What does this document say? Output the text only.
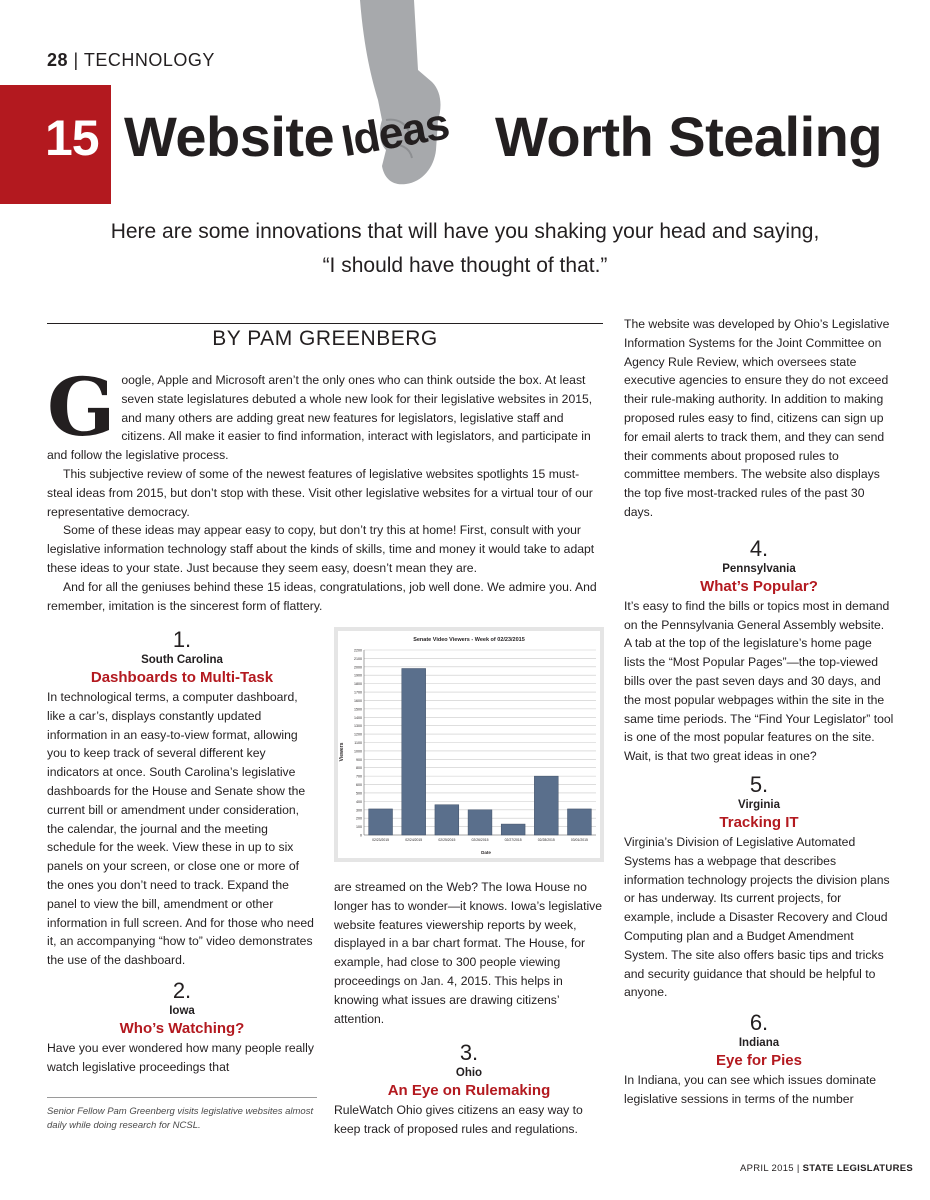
28 | TECHNOLOGY
15 Website Ideas Worth Stealing
Here are some innovations that will have you shaking your head and saying,
“I should have thought of that.”
BY PAM GREENBERG

Google, Apple and Microsoft aren’t the only ones who can think outside the box. At least seven state legislatures debuted a whole new look for their legislative websites in 2015, and many others are adding great new features for legislators, legislative staff and citizens. All make it easier to find information, interact with legislators, and participate in and follow the legislative process.

This subjective review of some of the newest features of legislative websites spotlights 15 must-steal ideas from 2015, but don’t stop with these. Visit other legislative websites for a virtual tour of our representative democracy.

Some of these ideas may appear easy to copy, but don’t try this at home! First, consult with your legislative information technology staff about the kinds of skills, time and money it would take to adapt these ideas to your state. Just because they seem easy, doesn’t mean they are.

And for all the geniuses behind these 15 ideas, congratulations, job well done. We admire you. And remember, imitation is the sincerest form of flattery.

1.
South Carolina
Dashboards to Multi-Task

In technological terms, a computer dashboard, like a car’s, displays constantly updated information in an easy-to-view format, allowing you to keep track of several different key indicators at once. South Carolina’s legislative dashboards for the House and Senate show the current bill or amendment under consideration, the calendar, the journal and the meeting schedule for the week. View these in up to six panels on your screen, or close one or more of the ones you don’t need to track. Expand the panel to view the bill, amendment or other information in full screen. And for those who need it, an accompanying “how to” video demonstrates the use of the dashboard.

2.
Iowa
Who’s Watching?

Have you ever wondered how many people really watch legislative proceedings that

Senior Fellow Pam Greenberg visits legislative websites almost daily while doing research for NCSL.
Senate Video Viewers - Week of 02/23/2015
Viewers
Date
0
100
200
300
400
500
600
700
800
900
1000
1100
1200
1300
1400
1500
1600
1700
1800
1900
2000
2100
2200
02/23/2015	02/24/2015	02/25/2015	02/26/2015	02/27/2015	02/28/2015	03/01/2015

are streamed on the Web? The Iowa House no longer has to wonder—it knows. Iowa’s legislative website features viewership reports by week, displayed in a bar chart format. The House, for example, had close to 300 people viewing proceedings on Jan. 4, 2015. This helps in knowing what issues are drawing citizens’ attention.

3.
Ohio
An Eye on Rulemaking

RuleWatch Ohio gives citizens an easy way to keep track of proposed rules and regulations.

The website was developed by Ohio’s Legislative Information Systems for the Joint Committee on Agency Rule Review, which oversees state executive agencies to ensure they do not exceed their rule-making authority. In addition to making proposed rules easy to find, citizens can sign up for email alerts to track them, and they can send their comments about proposed rules to committee members. The website also displays the top five most-tracked rules of the past 30 days.

4.
Pennsylvania
What’s Popular?

It’s easy to find the bills or topics most in demand on the Pennsylvania General Assembly website. A tab at the top of the legislature’s home page lists the “Most Popular Pages”—the top-viewed bills over the past seven days and 30 days, and the most popular webpages within the site in the same time periods. The “Find Your Legislator” tool is one of the most popular features on the site. Wait, is that two great ideas in one?

5.
Virginia
Tracking IT

Virginia’s Division of Legislative Automated Systems has a webpage that describes information technology projects the division plans or has underway. Its current projects, for example, include a Disaster Recovery and Cloud Computing plan and a Budget Amendment System. The site also offers basic tips and tricks and security guidance that should be helpful to anyone.

6.
Indiana
Eye for Pies

In Indiana, you can see which issues dominate legislative sessions in terms of the number

APRIL 2015 | STATE LEGISLATURES
